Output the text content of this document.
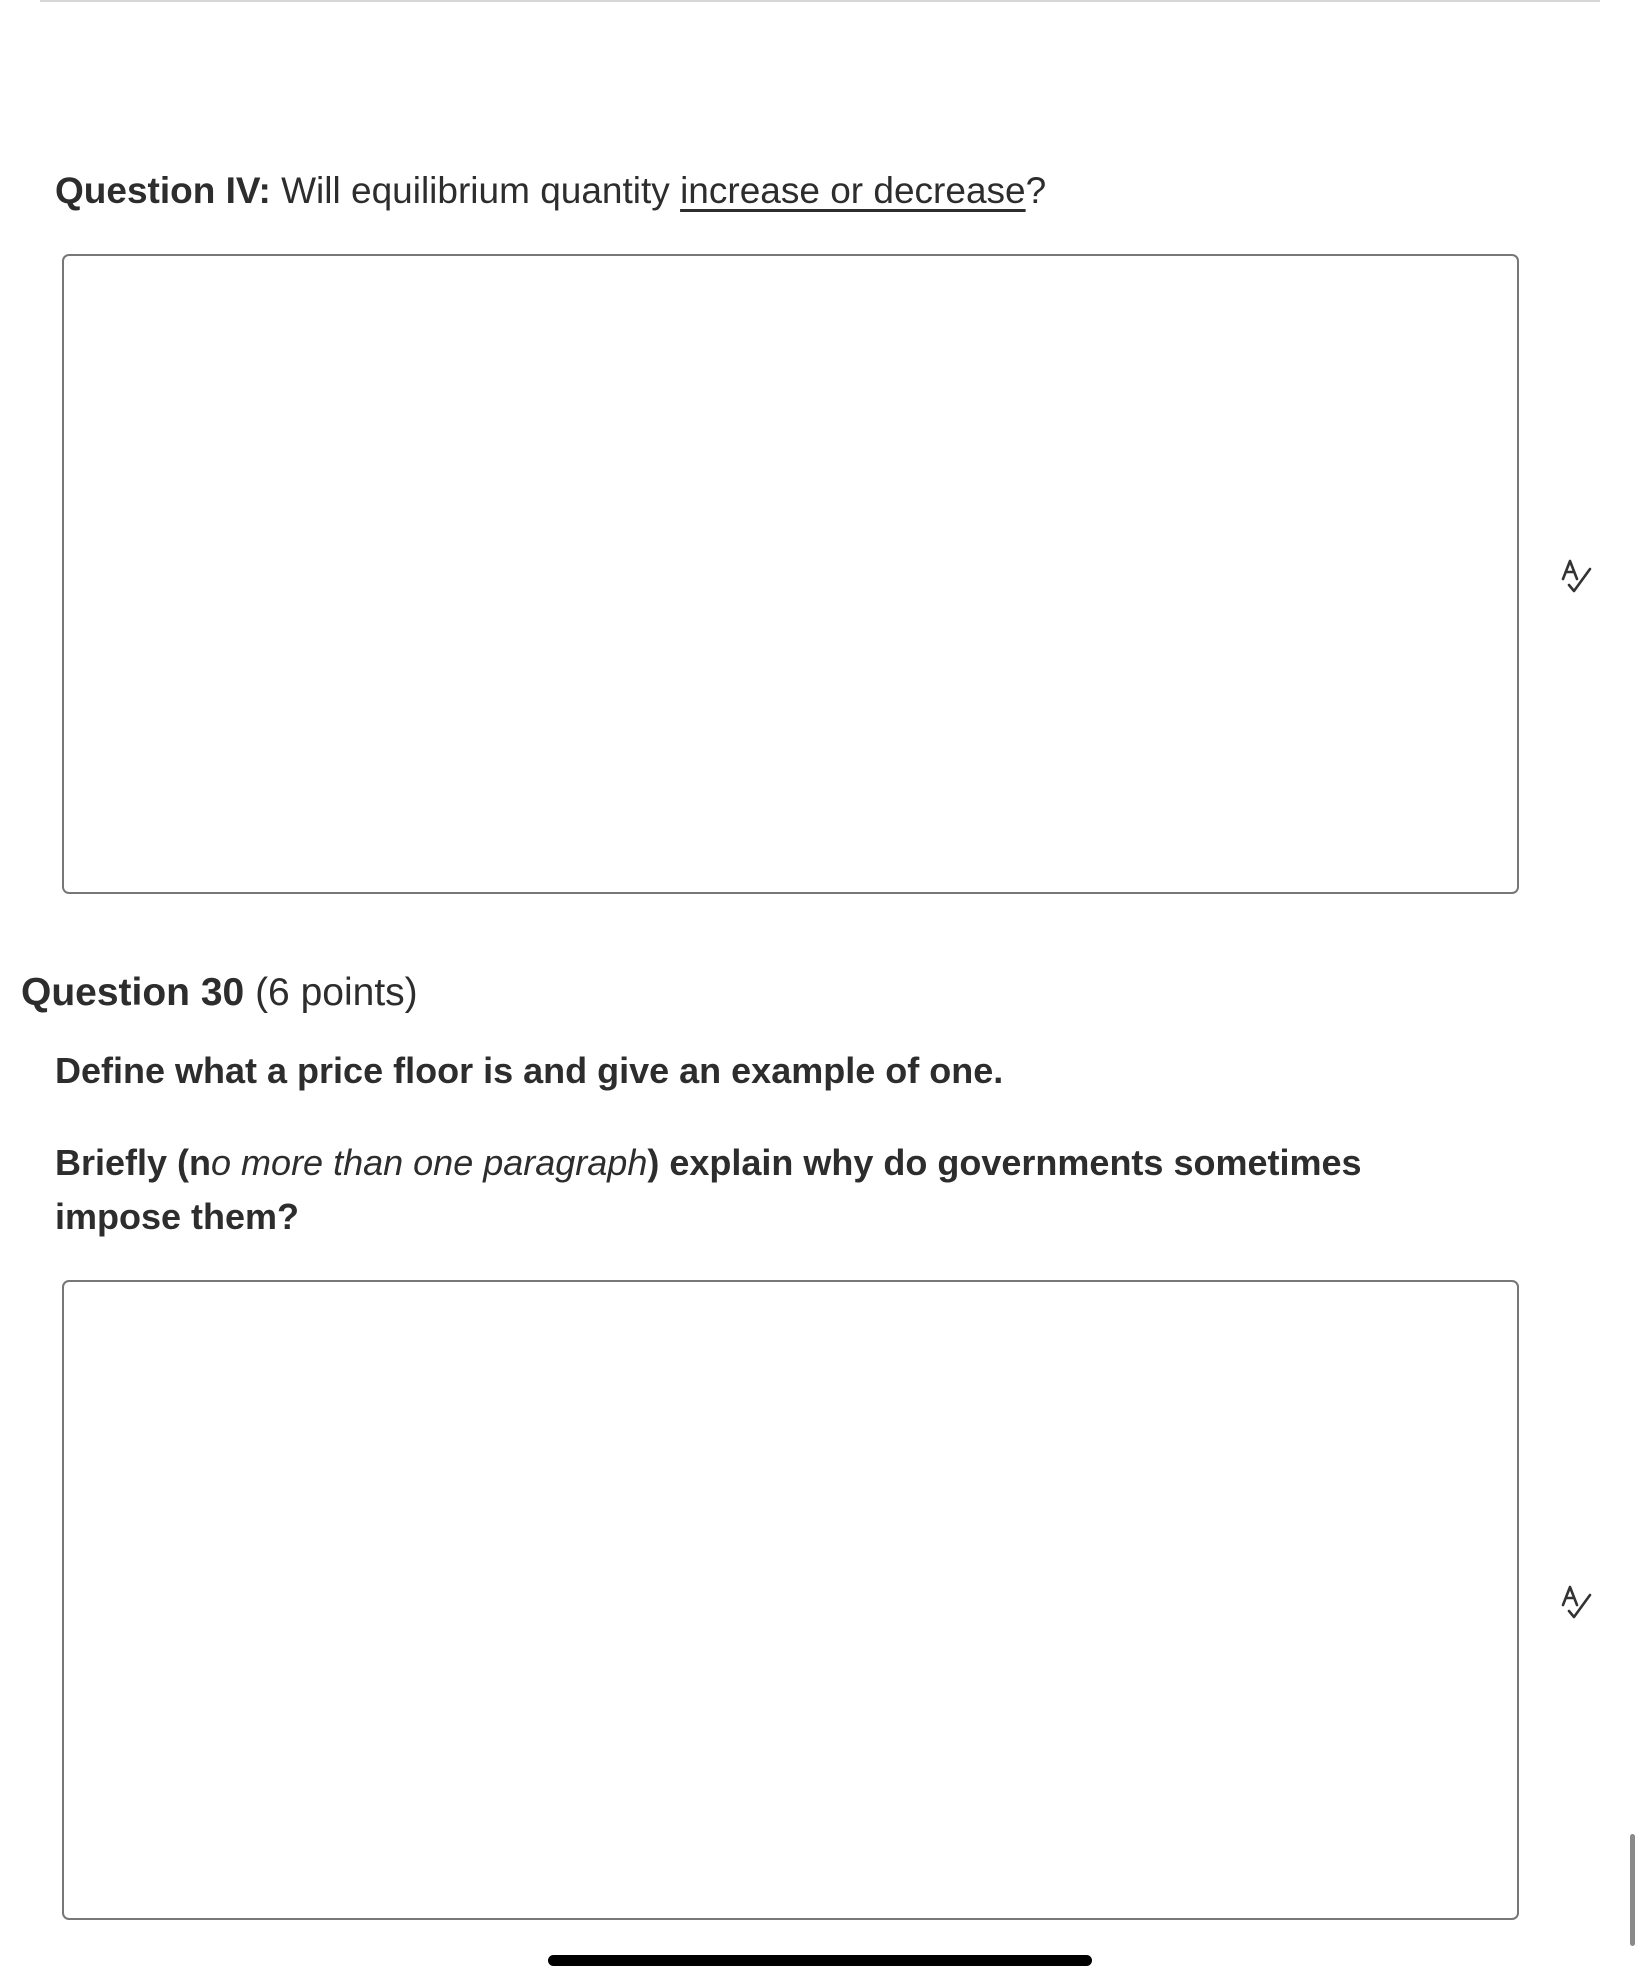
Question IV: Will equilibrium quantity increase or decrease?
Question 30 (6 points)
Define what a price floor is and give an example of one.
Briefly (no more than one paragraph) explain why do governments sometimes impose them?
